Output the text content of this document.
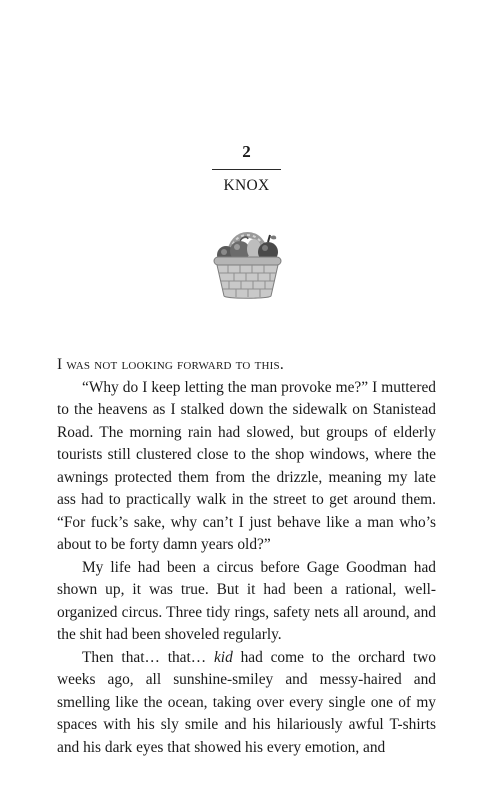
2
KNOX

I was not looking forward to this.

“Why do I keep letting the man provoke me?” I muttered to the heavens as I stalked down the sidewalk on Stanistead Road. The morning rain had slowed, but groups of elderly tourists still clustered close to the shop windows, where the awnings protected them from the drizzle, meaning my late ass had to practically walk in the street to get around them. “For fuck’s sake, why can’t I just behave like a man who’s about to be forty damn years old?”

My life had been a circus before Gage Goodman had shown up, it was true. But it had been a rational, well-organized circus. Three tidy rings, safety nets all around, and the shit had been shoveled regularly.

Then that… that… kid had come to the orchard two weeks ago, all sunshine-smiley and messy-haired and smelling like the ocean, taking over every single one of my spaces with his sly smile and his hilariously awful T-shirts and his dark eyes that showed his every emotion, and
